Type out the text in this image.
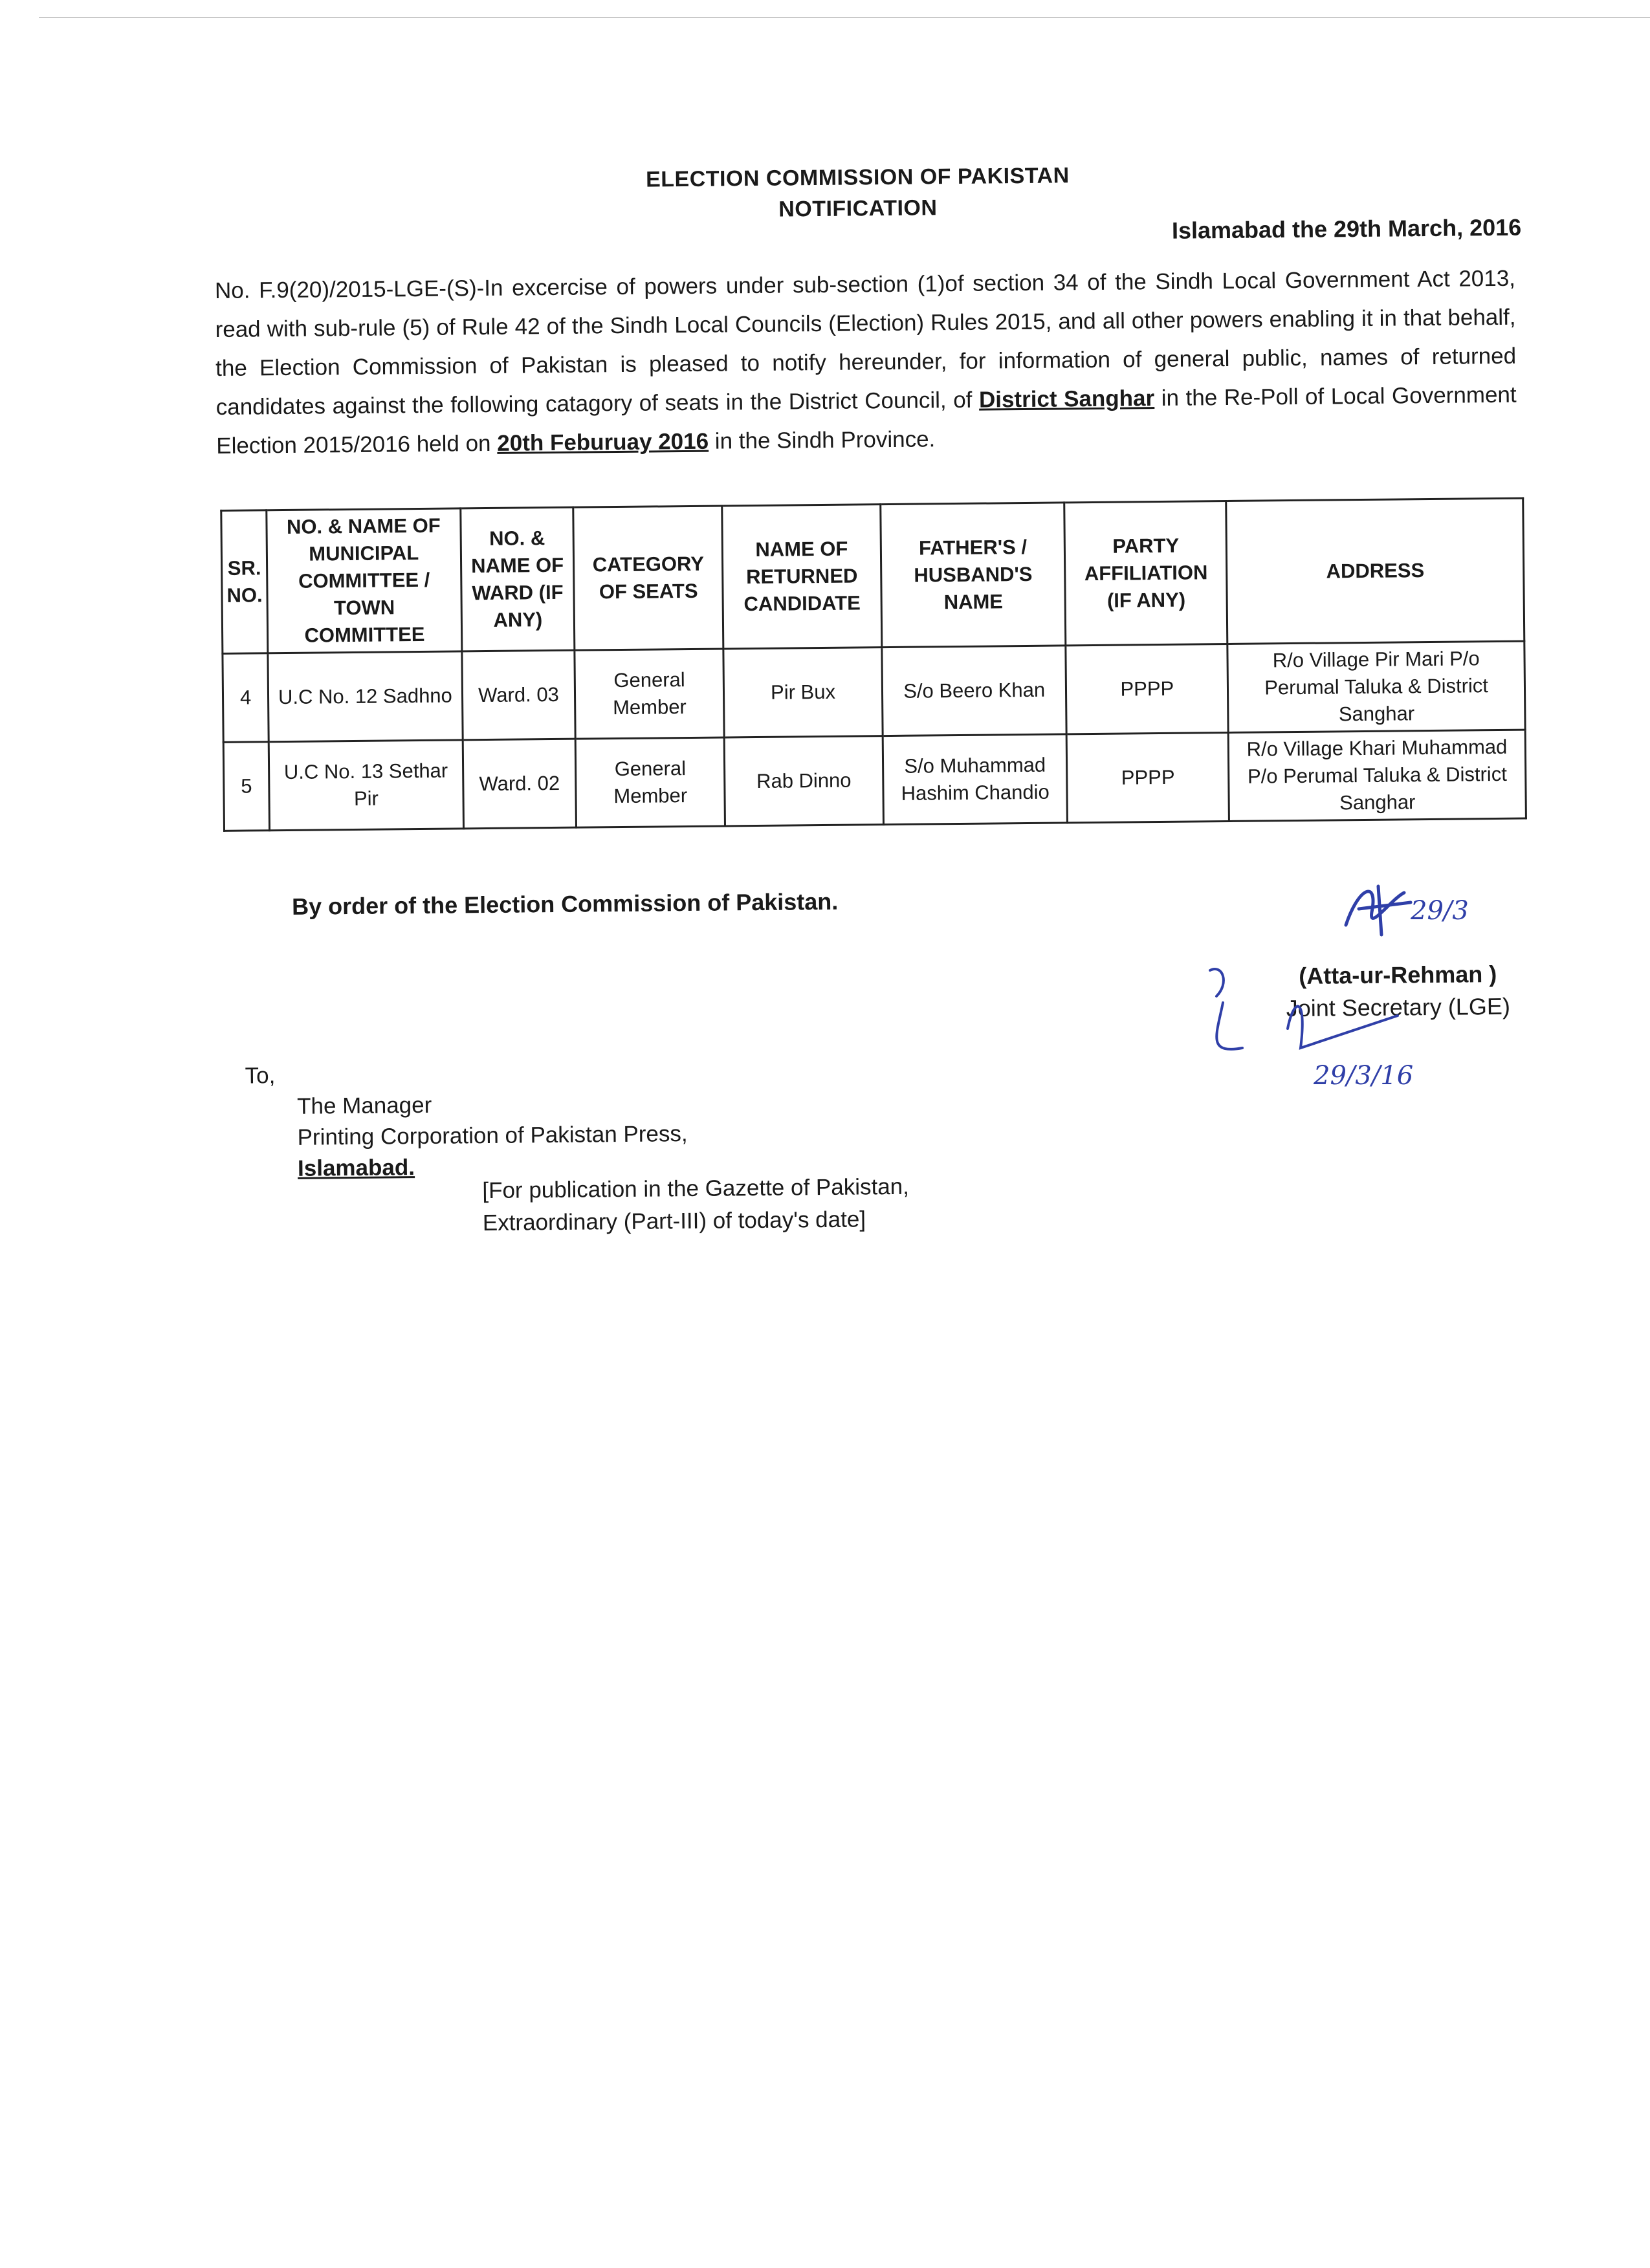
ELECTION COMMISSION OF PAKISTAN
NOTIFICATION
Islamabad the 29th March, 2016
No. F.9(20)/2015-LGE-(S)-In excercise of powers under sub-section (1)of section 34 of the Sindh Local Government Act 2013, read with sub-rule (5) of Rule 42 of the Sindh Local Councils (Election) Rules 2015, and all other powers enabling it in that behalf, the Election Commission of Pakistan is pleased to notify hereunder, for information of general public, names of returned candidates against the following catagory of seats in the District Council, of District Sanghar in the Re-Poll of Local Government Election 2015/2016 held on 20th Feburuay 2016 in the Sindh Province.
SR. NO.	NO. & NAME OF MUNICIPAL COMMITTEE / TOWN COMMITTEE	NO. & NAME OF WARD (IF ANY)	CATEGORY OF SEATS	NAME OF RETURNED CANDIDATE	FATHER'S / HUSBAND'S NAME	PARTY AFFILIATION (IF ANY)	ADDRESS
4	U.C No. 12 Sadhno	Ward. 03	General Member	Pir Bux	S/o Beero Khan	PPPP	R/o Village Pir Mari P/o Perumal Taluka & District Sanghar
5	U.C No. 13 Sethar Pir	Ward. 02	General Member	Rab Dinno	S/o Muhammad Hashim Chandio	PPPP	R/o Village Khari Muhammad P/o Perumal Taluka & District Sanghar
By order of the Election Commission of Pakistan.
(Atta-ur-Rehman )
Joint Secretary (LGE)
To,
The Manager
Printing Corporation of Pakistan Press,
Islamabad.
[For publication in the Gazette of Pakistan,
Extraordinary (Part-III) of today's date]
29/3
29/3/16
